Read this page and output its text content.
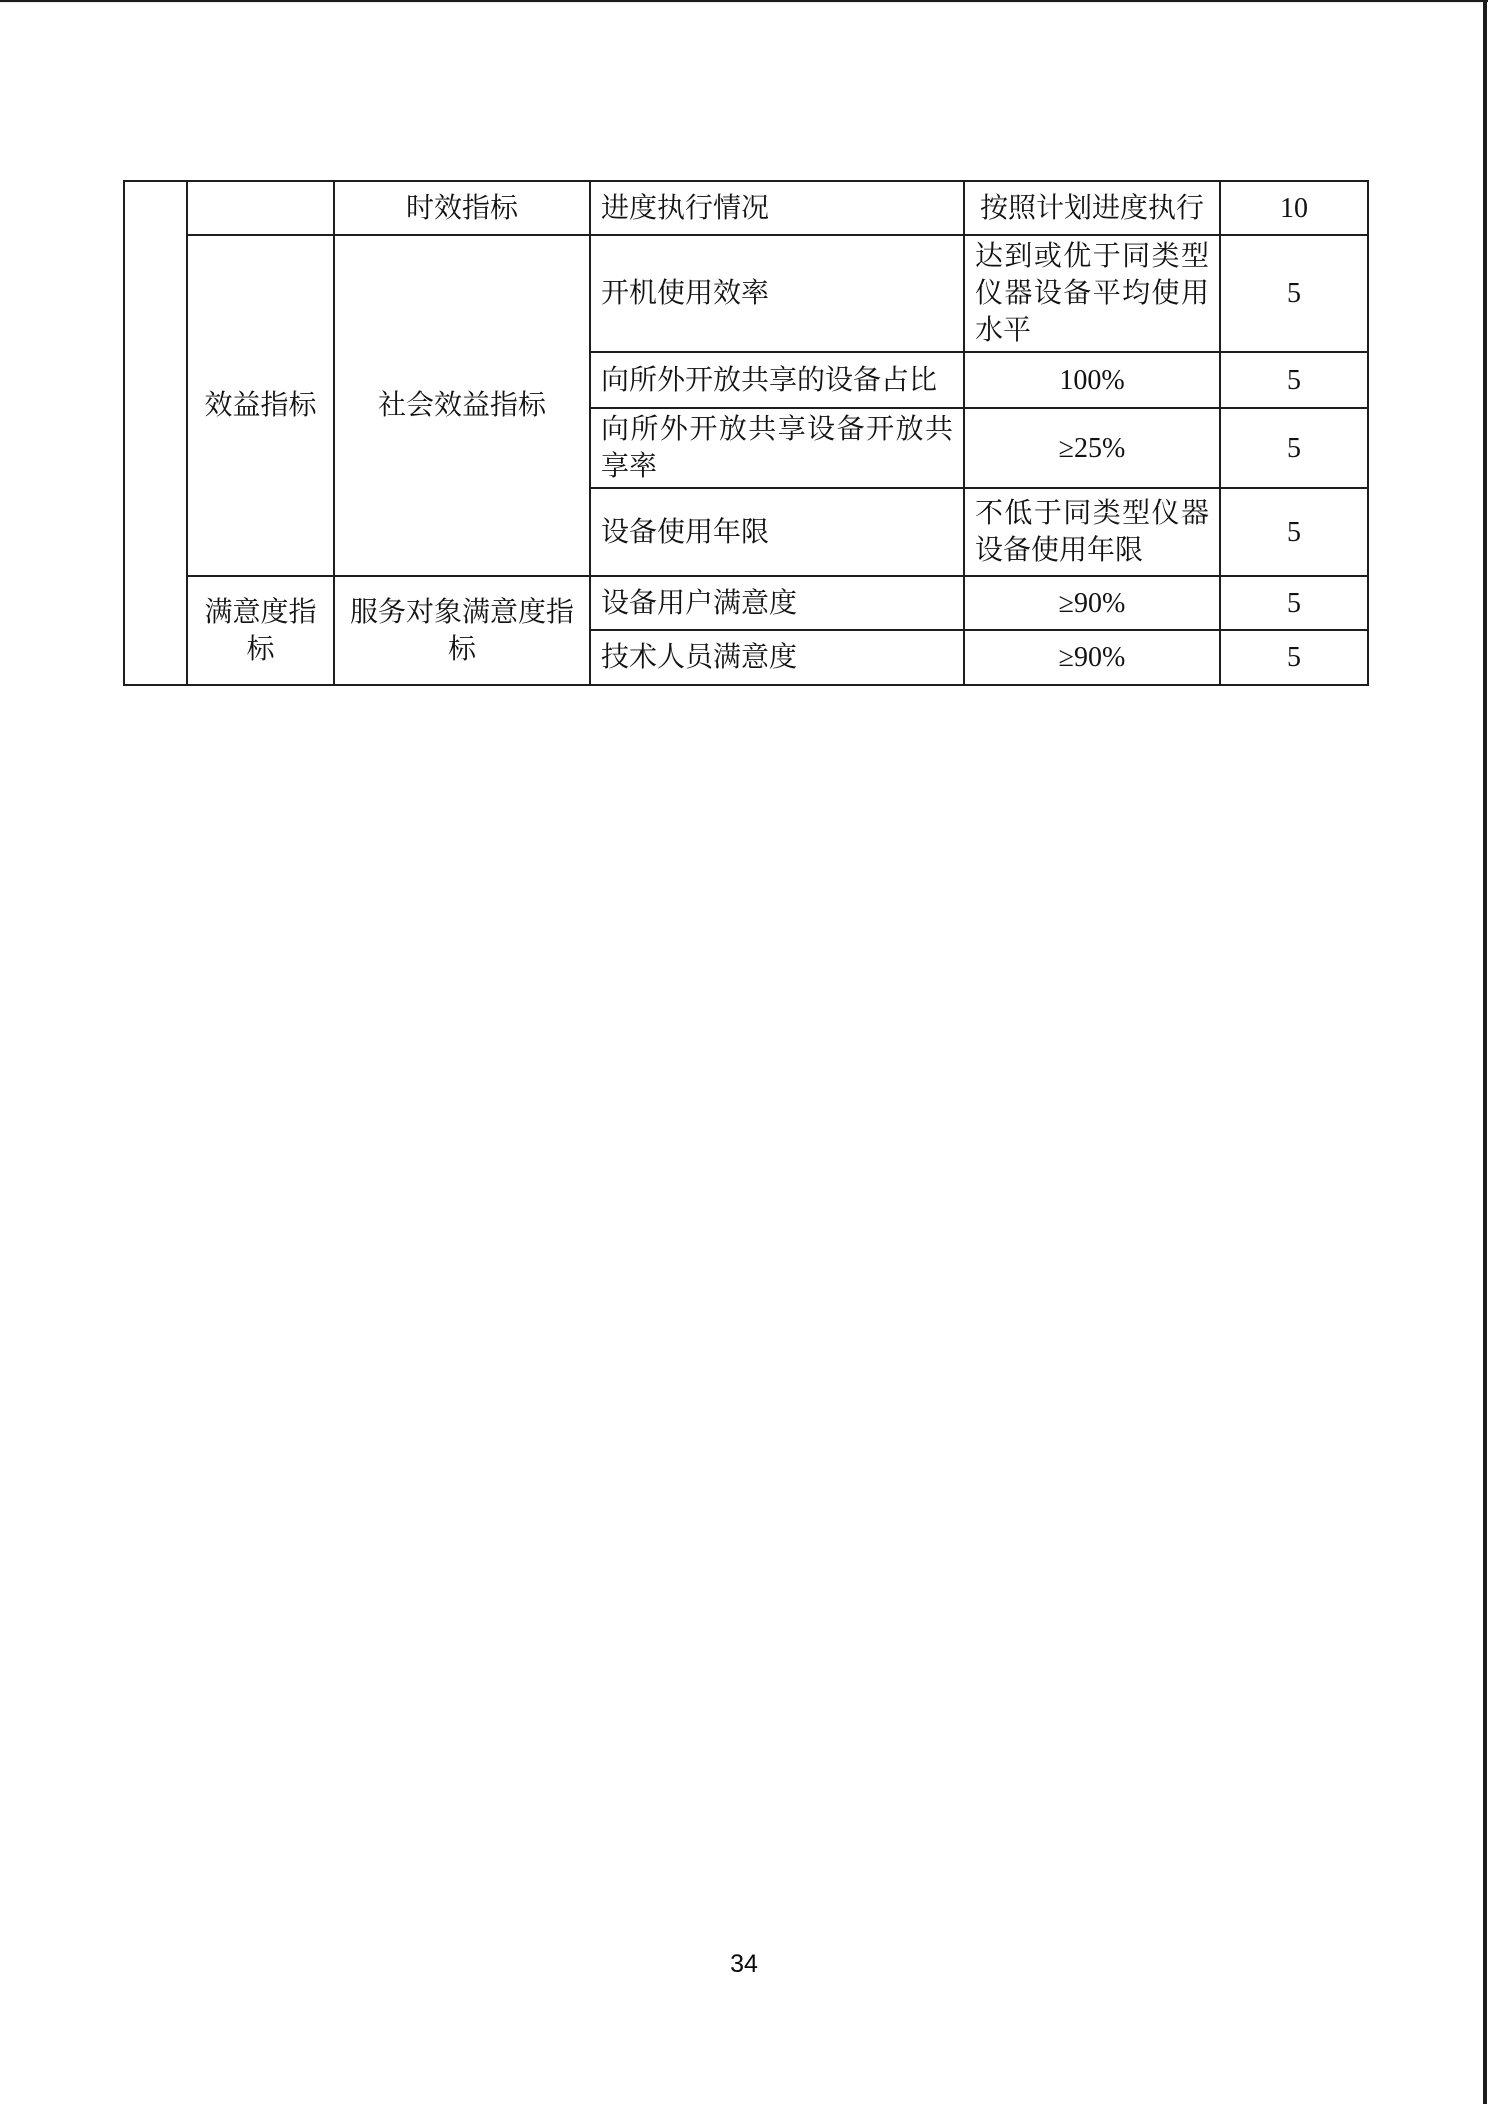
		时效指标	进度执行情况	按照计划进度执行	10
	效益指标	社会效益指标	开机使用效率	达到或优于同类型仪器设备平均使用水平	5
			向所外开放共享的设备占比	100%	5
			向所外开放共享设备开放共享率	≥25%	5
			设备使用年限	不低于同类型仪器设备使用年限	5
	满意度指标	服务对象满意度指标	设备用户满意度	≥90%	5
			技术人员满意度	≥90%	5
34
